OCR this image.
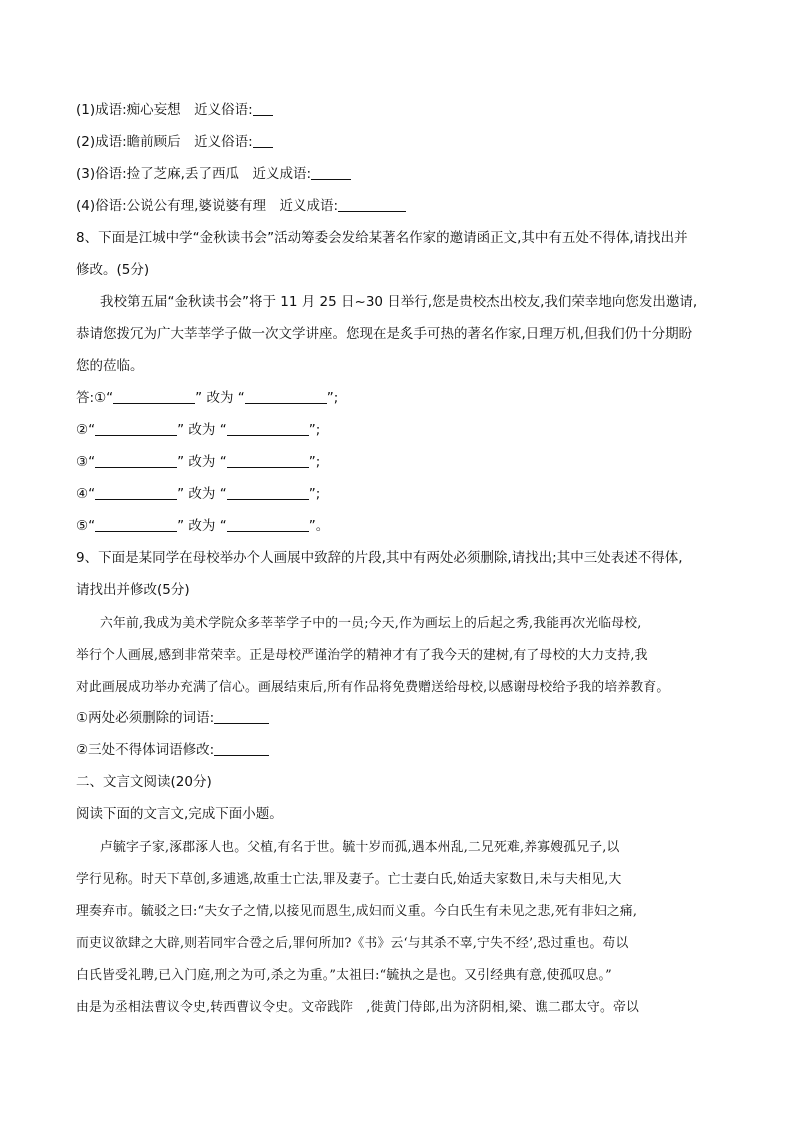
(1)成语:痴心妄想　近义俗语:
(2)成语:瞻前顾后　近义俗语:
(3)俗语:捡了芝麻,丢了西瓜　近义成语:
(4)俗语:公说公有理,婆说婆有理　近义成语:
8、下面是江城中学“金秋读书会”活动筹委会发给某著名作家的邀请函正文,其中有五处不得体,请找出并
修改。(5分)
我校第五届“金秋读书会”将于 11 月 25 日~30 日举行,您是贵校杰出校友,我们荣幸地向您发出邀请,
恭请您拨冗为广大莘莘学子做一次文学讲座。您现在是炙手可热的著名作家,日理万机,但我们仍十分期盼
您的莅临。
答:①“	” 改为 “	”;
②“	” 改为 “	”;
③“	” 改为 “	”;
④“	” 改为 “	”;
⑤“	” 改为 “	”。
9、下面是某同学在母校举办个人画展中致辞的片段,其中有两处必须删除,请找出;其中三处表述不得体,
请找出并修改(5分)
六年前,我成为美术学院众多莘莘学子中的一员;今天,作为画坛上的后起之秀,我能再次光临母校,
举行个人画展,感到非常荣幸。正是母校严谨治学的精神才有了我今天的建树,有了母校的大力支持,我
对此画展成功举办充满了信心。画展结束后,所有作品将免费赠送给母校,以感谢母校给予我的培养教育。
①两处必须删除的词语:
②三处不得体词语修改:
二、文言文阅读(20分)
阅读下面的文言文,完成下面小题。
卢毓字子家,涿郡涿人也。父植,有名于世。毓十岁而孤,遇本州乱,二兄死难,养寡嫂孤兄子,以
学行见称。时天下草创,多逋逃,故重士亡法,罪及妻子。亡士妻白氏,始适夫家数日,未与夫相见,大
理奏弃市。毓驳之曰:“夫女子之情,以接见而恩生,成妇而义重。今白氏生有未见之悲,死有非妇之痛,
而吏议欲肆之大辟,则若同牢合卺之后,罪何所加?《书》云‘与其杀不辜,宁失不经’,恐过重也。苟以
白氏皆受礼聘,已入门庭,刑之为可,杀之为重。”太祖曰:“毓执之是也。又引经典有意,使孤叹息。”
由是为丞相法曹议令史,转西曹议令史。文帝践阼　,徙黄门侍郎,出为济阴相,梁、谯二郡太守。帝以
